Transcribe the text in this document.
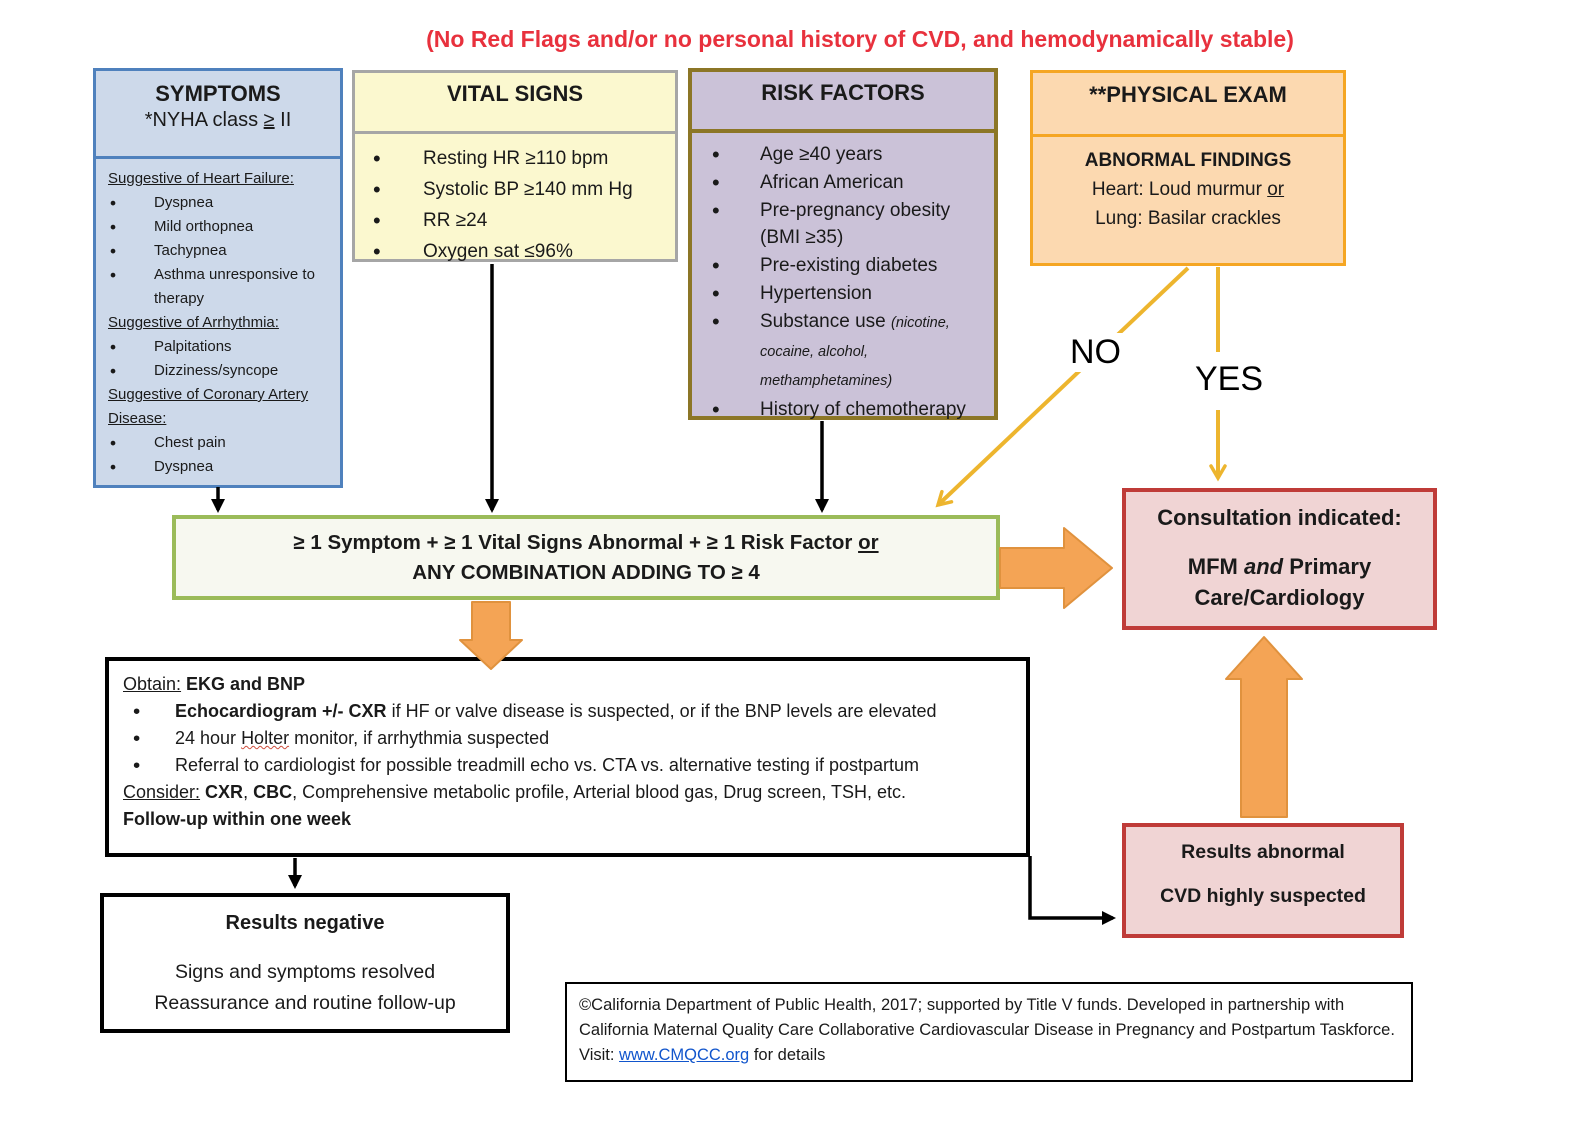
(No Red Flags and/or no personal history of CVD, and hemodynamically stable)
SYMPTOMS
*NYHA class ≥ II
Suggestive of Heart Failure:
• Dyspnea
• Mild orthopnea
• Tachypnea
• Asthma unresponsive to therapy
Suggestive of Arrhythmia:
• Palpitations
• Dizziness/syncope
Suggestive of Coronary Artery Disease:
• Chest pain
• Dyspnea
VITAL SIGNS
• Resting HR ≥110 bpm
• Systolic BP ≥140 mm Hg
• RR ≥24
• Oxygen sat ≤96%
RISK FACTORS
• Age ≥40 years
• African American
• Pre-pregnancy obesity (BMI ≥35)
• Pre-existing diabetes
• Hypertension
• Substance use (nicotine, cocaine, alcohol, methamphetamines)
• History of chemotherapy
**PHYSICAL EXAM
ABNORMAL FINDINGS
Heart: Loud murmur or
Lung: Basilar crackles
NO
YES
≥ 1 Symptom + ≥ 1 Vital Signs Abnormal + ≥ 1 Risk Factor or
ANY COMBINATION ADDING TO ≥ 4
Consultation indicated:
MFM and Primary
Care/Cardiology
Obtain: EKG and BNP
• Echocardiogram +/- CXR if HF or valve disease is suspected, or if the BNP levels are elevated
• 24 hour Holter monitor, if arrhythmia suspected
• Referral to cardiologist for possible treadmill echo vs. CTA vs. alternative testing if postpartum
Consider: CXR, CBC, Comprehensive metabolic profile, Arterial blood gas, Drug screen, TSH, etc.
Follow-up within one week
Results negative
Signs and symptoms resolved
Reassurance and routine follow-up
Results abnormal
CVD highly suspected
©California Department of Public Health, 2017; supported by Title V funds. Developed in partnership with California Maternal Quality Care Collaborative Cardiovascular Disease in Pregnancy and Postpartum Taskforce. Visit: www.CMQCC.org for details
